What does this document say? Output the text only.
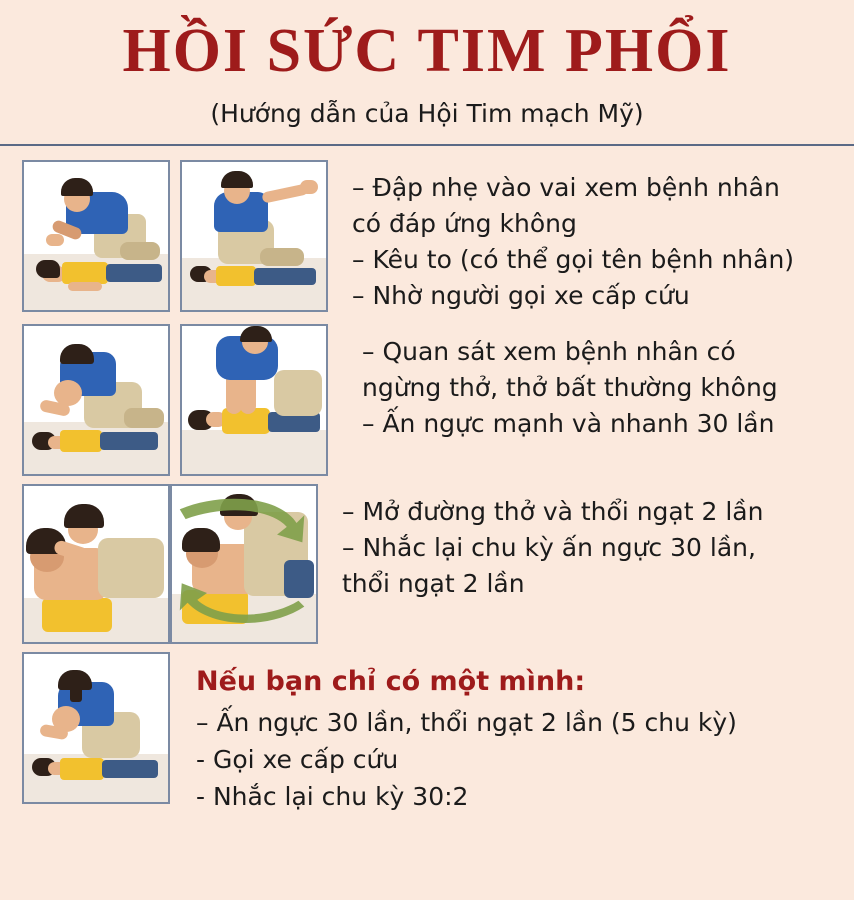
HỒI SỨC TIM PHỔI

(Hướng dẫn của Hội Tim mạch Mỹ)

– Đập nhẹ vào vai xem bệnh nhân

có đáp ứng không

– Kêu to (có thể gọi tên bệnh nhân)

– Nhờ người gọi xe cấp cứu

– Quan sát xem bệnh nhân có

ngừng thở, thở bất thường không

– Ấn ngực mạnh và nhanh 30 lần

– Mở đường thở và thổi ngạt 2 lần

– Nhắc lại chu kỳ ấn ngực 30 lần,

thổi ngạt 2 lần

Nếu bạn chỉ có một mình:

– Ấn ngực 30 lần, thổi ngạt 2 lần (5 chu kỳ)

- Gọi xe cấp cứu

- Nhắc lại chu kỳ 30:2
